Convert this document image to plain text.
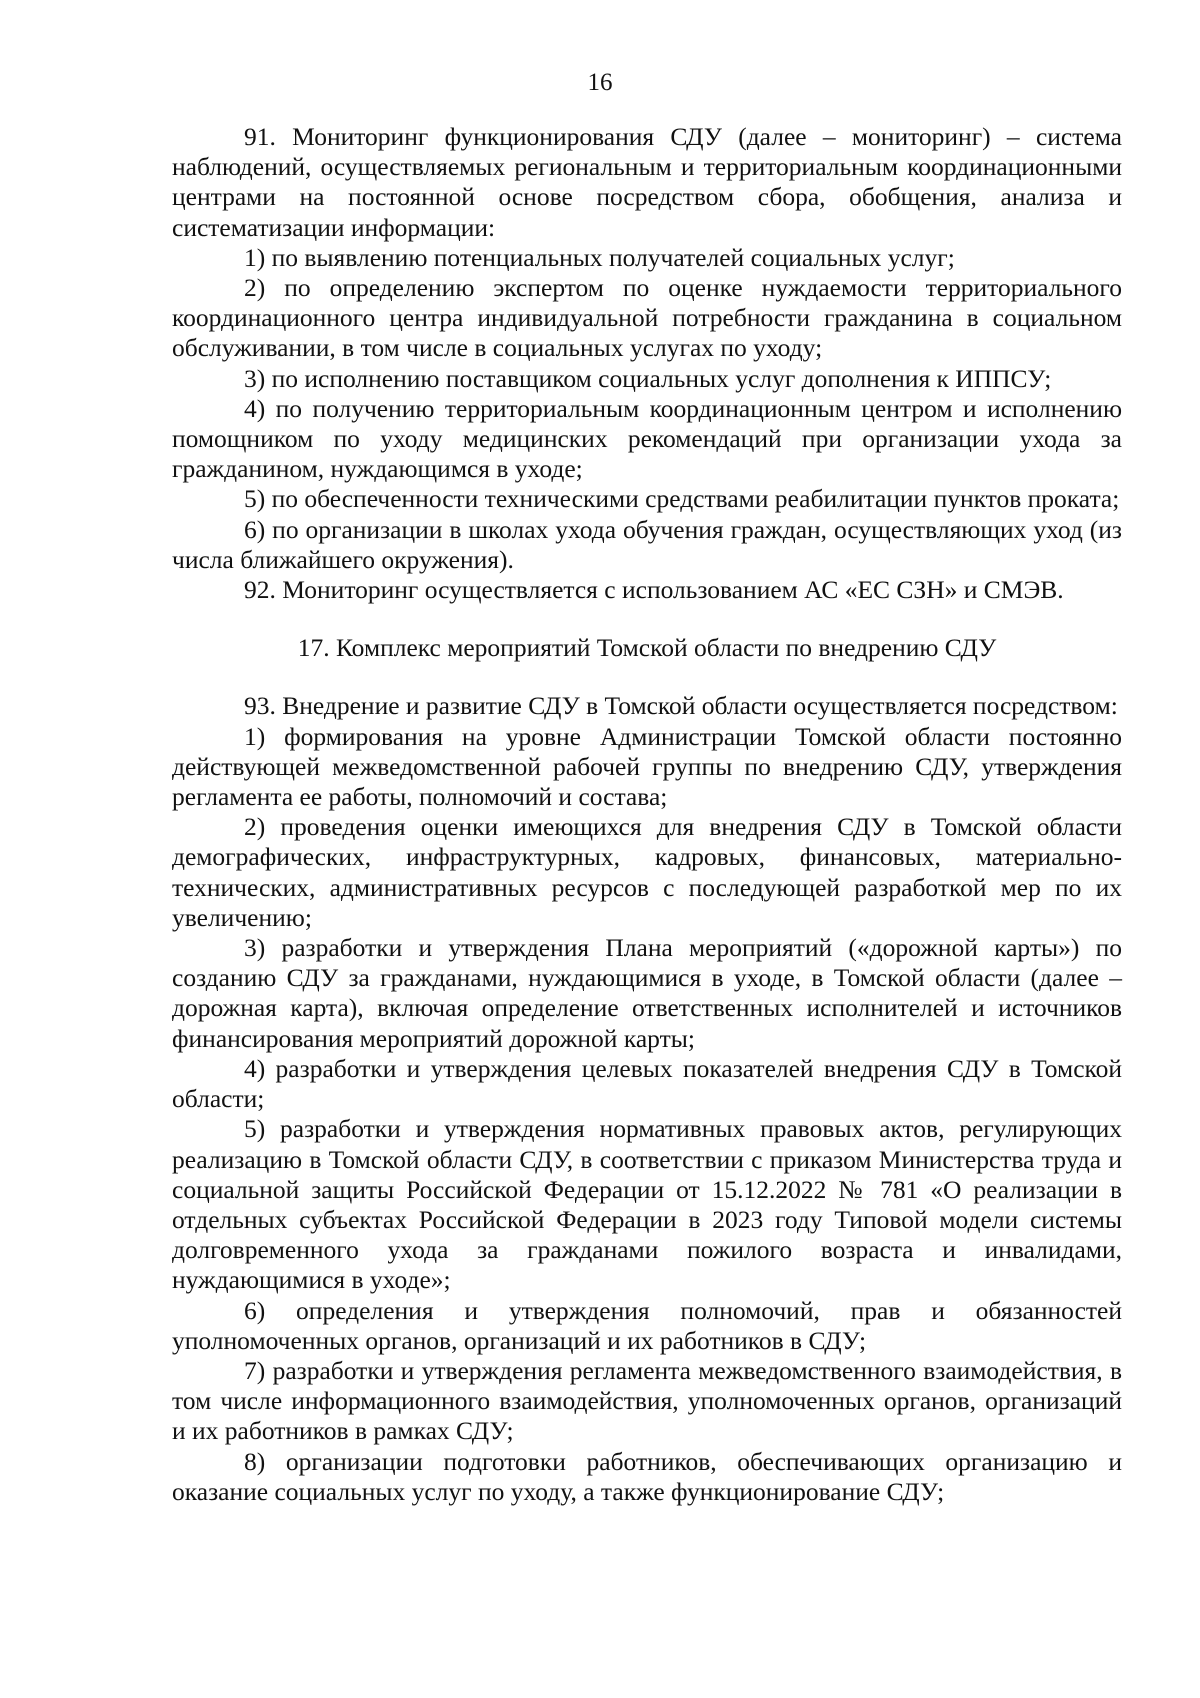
16

91. Мониторинг функционирования СДУ (далее – мониторинг) – система наблюдений, осуществляемых региональным и территориальным координационными центрами на постоянной основе посредством сбора, обобщения, анализа и систематизации информации:

1) по выявлению потенциальных получателей социальных услуг;

2) по определению экспертом по оценке нуждаемости территориального координационного центра индивидуальной потребности гражданина в социальном обслуживании, в том числе в социальных услугах по уходу;

3) по исполнению поставщиком социальных услуг дополнения к ИППСУ;

4) по получению территориальным координационным центром и исполнению помощником по уходу медицинских рекомендаций при организации ухода за гражданином, нуждающимся в уходе;

5) по обеспеченности техническими средствами реабилитации пунктов проката;

6) по организации в школах ухода обучения граждан, осуществляющих уход (из числа ближайшего окружения).

92. Мониторинг осуществляется с использованием АС «ЕС СЗН» и СМЭВ.

17. Комплекс мероприятий Томской области по внедрению СДУ

93. Внедрение и развитие СДУ в Томской области осуществляется посредством:

1) формирования на уровне Администрации Томской области постоянно действующей межведомственной рабочей группы по внедрению СДУ, утверждения регламента ее работы, полномочий и состава;

2) проведения оценки имеющихся для внедрения СДУ в Томской области демографических, инфраструктурных, кадровых, финансовых, материально-технических, административных ресурсов с последующей разработкой мер по их увеличению;

3) разработки и утверждения Плана мероприятий («дорожной карты») по созданию СДУ за гражданами, нуждающимися в уходе, в Томской области (далее – дорожная карта), включая определение ответственных исполнителей и источников финансирования мероприятий дорожной карты;

4) разработки и утверждения целевых показателей внедрения СДУ в Томской области;

5) разработки и утверждения нормативных правовых актов, регулирующих реализацию в Томской области СДУ, в соответствии с приказом Министерства труда и социальной защиты Российской Федерации от 15.12.2022 № 781 «О реализации в отдельных субъектах Российской Федерации в 2023 году Типовой модели системы долговременного ухода за гражданами пожилого возраста и инвалидами, нуждающимися в уходе»;

6) определения и утверждения полномочий, прав и обязанностей уполномоченных органов, организаций и их работников в СДУ;

7) разработки и утверждения регламента межведомственного взаимодействия, в том числе информационного взаимодействия, уполномоченных органов, организаций и их работников в рамках СДУ;

8) организации подготовки работников, обеспечивающих организацию и оказание социальных услуг по уходу, а также функционирование СДУ;
